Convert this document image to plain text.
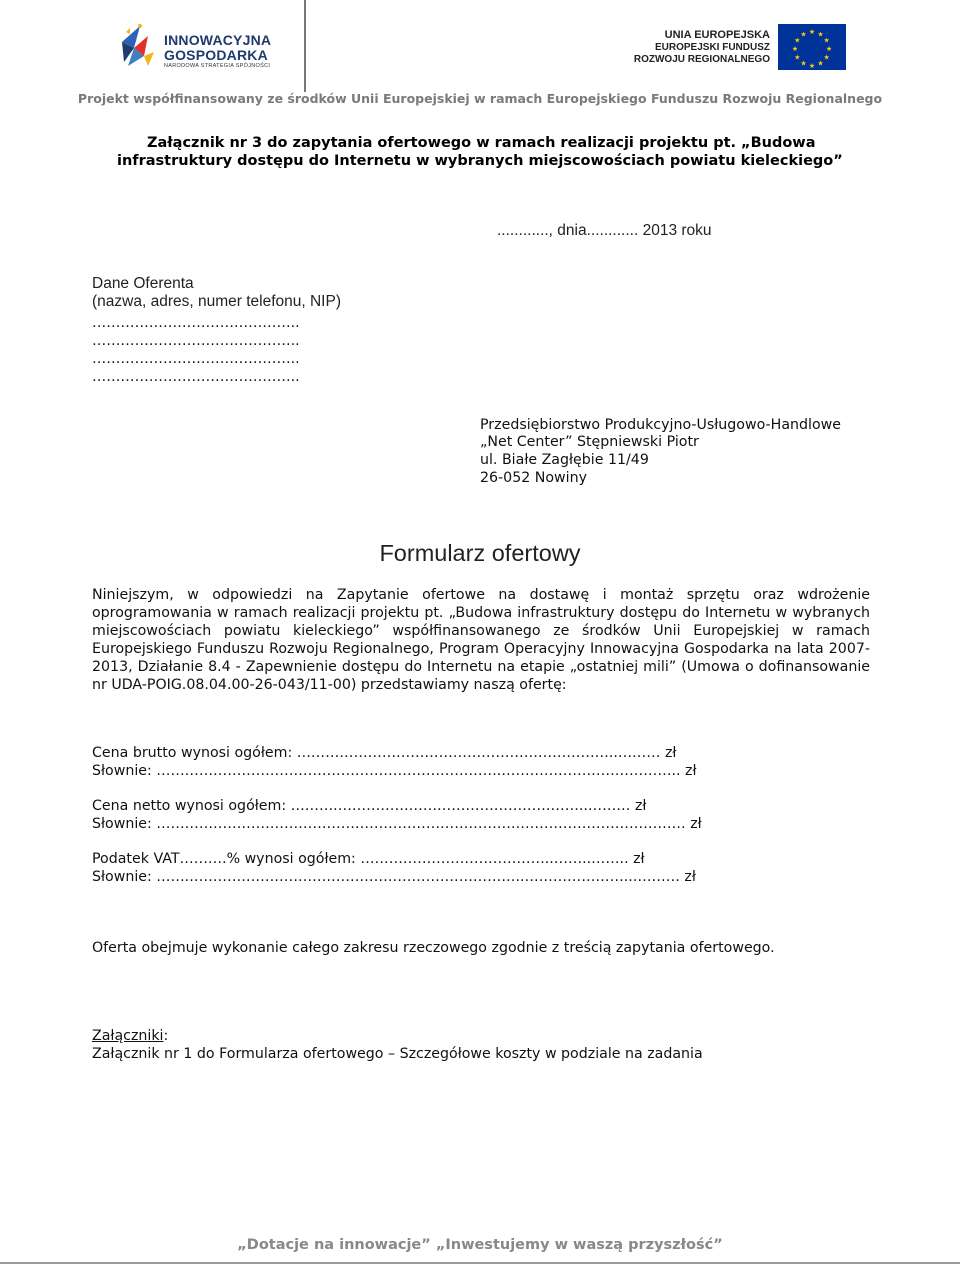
INNOWACYJNA
GOSPODARKA
NARODOWA STRATEGIA SPÓJNOŚCI
UNIA EUROPEJSKA
EUROPEJSKI FUNDUSZ
ROZWOJU REGIONALNEGO
★ ★
★
★
★
★
★
★
★
★
★
★
Projekt współfinansowany ze środków Unii Europejskiej w ramach Europejskiego Funduszu Rozwoju Regionalnego
Załącznik nr 3 do zapytania ofertowego w ramach realizacji projektu pt. „Budowa
infrastruktury dostępu do Internetu w wybranych miejscowościach powiatu kieleckiego”
............, dnia............ 2013 roku
Dane Oferenta
(nazwa, adres, numer telefonu, NIP)
……………………………………..
……………………………………..
……………………………………..
……………………………………..
Przedsiębiorstwo Produkcyjno-Usługowo-Handlowe
„Net Center” Stępniewski Piotr
ul. Białe Zagłębie 11/49
26-052 Nowiny
Formularz ofertowy
Niniejszym, w odpowiedzi na Zapytanie ofertowe na dostawę i montaż sprzętu oraz wdrożenie oprogramowania w ramach realizacji projektu pt. „Budowa infrastruktury dostępu do Internetu w wybranych miejscowościach powiatu kieleckiego” współfinansowanego ze środków Unii Europejskiej w ramach Europejskiego Funduszu Rozwoju Regionalnego, Program Operacyjny Innowacyjna Gospodarka na lata 2007-2013, Działanie 8.4 - Zapewnienie dostępu do Internetu na etapie „ostatniej mili” (Umowa o dofinansowanie nr UDA-POIG.08.04.00-26-043/11-00) przedstawiamy naszą ofertę:
Cena brutto wynosi ogółem: …………………………………………………………..……… zł
Słownie: ……………………………………………………………….……………………………….. zł
Cena netto wynosi ogółem: ……….……………………………………………..……… zł
Słownie: ………………………………………………………………….……………………………… zł
Podatek VAT……….% wynosi ogółem: …………………………………..……..…….. zł
Słownie: …….……………………………………………………………..…………………...……… zł
Oferta obejmuje wykonanie całego zakresu rzeczowego zgodnie z treścią zapytania ofertowego.
Załączniki:
Załącznik nr 1 do Formularza ofertowego – Szczegółowe koszty w podziale na zadania
„Dotacje na innowacje” „Inwestujemy w waszą przyszłość”
